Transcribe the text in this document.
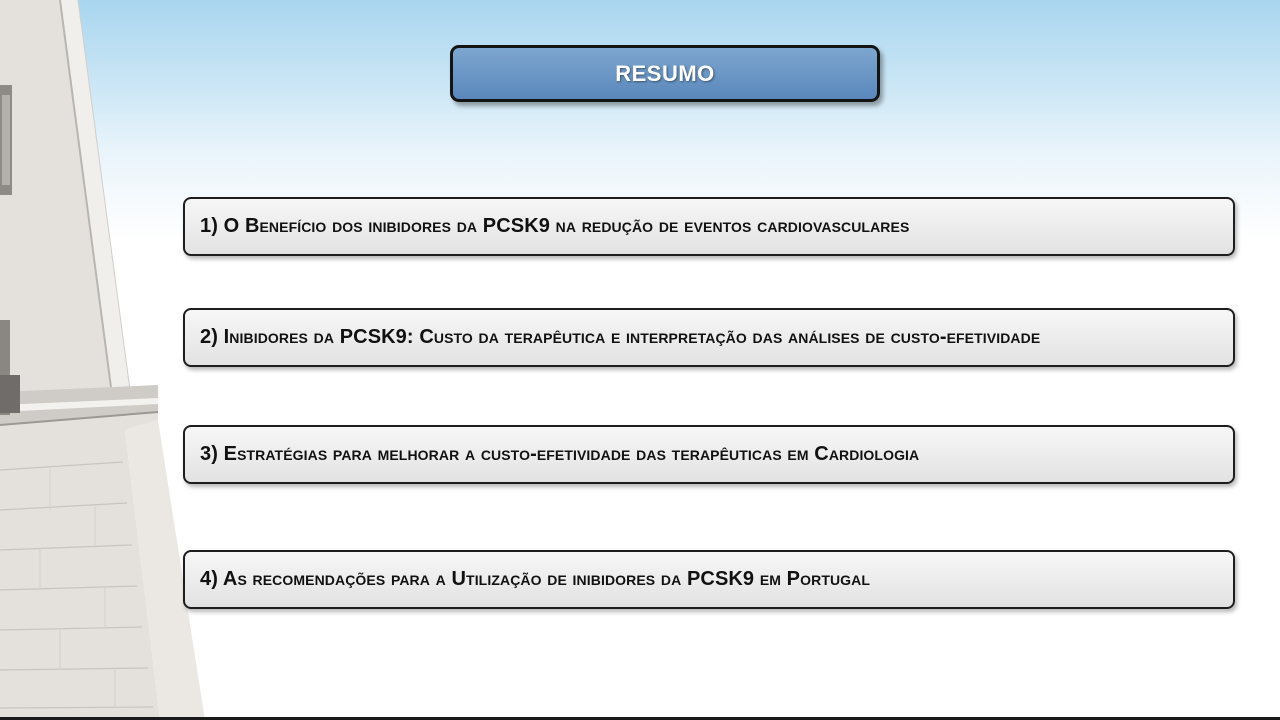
RESUMO
1) O Benefício dos inibidores da PCSK9 na redução de eventos cardiovasculares
2) Inibidores da PCSK9: Custo da terapêutica e interpretação das análises de custo-efetividade
3) Estratégias para melhorar a custo-efetividade das terapêuticas em Cardiologia
4) As recomendações para a Utilização de inibidores da PCSK9 em Portugal
